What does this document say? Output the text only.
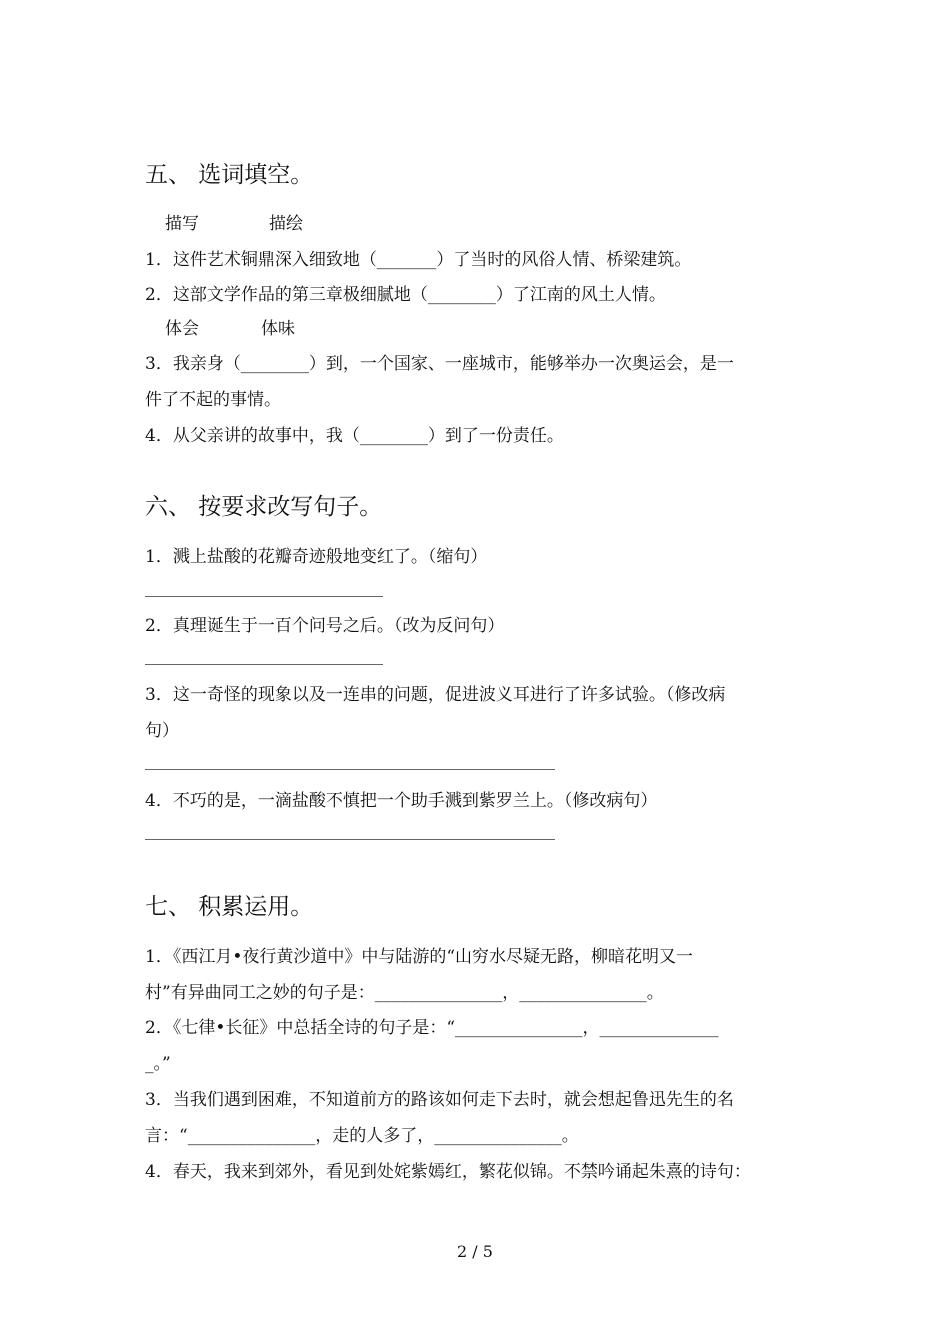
五、 选词填空。
描写	描绘
1．这件艺术铜鼎深入细致地（_______）了当时的风俗人情、桥梁建筑。
2．这部文学作品的第三章极细腻地（________）了江南的风土人情。
体会	体味
3．我亲身（________）到，一个国家、一座城市，能够举办一次奥运会，是一
件了不起的事情。
4．从父亲讲的故事中，我（________）到了一份责任。
六、 按要求改写句子。
1．溅上盐酸的花瓣奇迹般地变红了。（缩句）
2．真理诞生于一百个问号之后。（改为反问句）
3．这一奇怪的现象以及一连串的问题，促进波义耳进行了许多试验。（修改病
句）
4．不巧的是，一滴盐酸不慎把一个助手溅到紫罗兰上。（修改病句）
七、 积累运用。
1．《西江月•夜行黄沙道中》中与陆游的“山穷水尽疑无路，柳暗花明又一
村”有异曲同工之妙的句子是：_______________，_______________。
2．《七律•长征》中总括全诗的句子是：“_______________，______________
_。”
3．当我们遇到困难，不知道前方的路该如何走下去时，就会想起鲁迅先生的名
言：“_______________，走的人多了，_______________。
4．春天，我来到郊外，看见到处姹紫嫣红，繁花似锦。不禁吟诵起朱熹的诗句：
2 / 5
